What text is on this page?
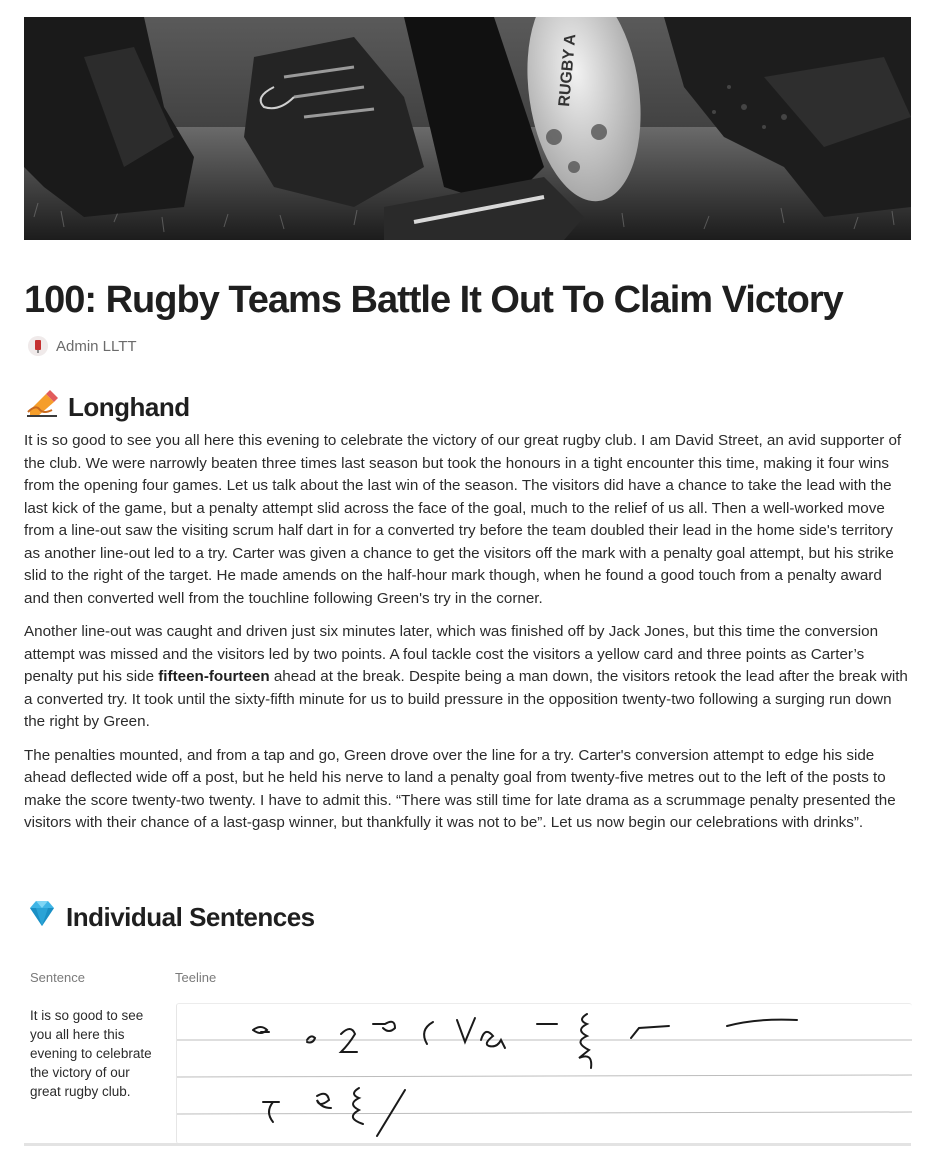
RUGBY A
100: Rugby Teams Battle It Out To Claim Victory
Admin LLTT
Longhand

It is so good to see you all here this evening to celebrate the victory of our great rugby club. I am David Street, an avid supporter of the club. We were narrowly beaten three times last season but took the honours in a tight encounter this time, making it four wins from the opening four games. Let us talk about the last win of the season. The visitors did have a chance to take the lead with the last kick of the game, but a penalty attempt slid across the face of the goal, much to the relief of us all. Then a well-worked move from a line-out saw the visiting scrum half dart in for a converted try before the team doubled their lead in the home side's territory as another line-out led to a try. Carter was given a chance to get the visitors off the mark with a penalty goal attempt, but his strike slid to the right of the target. He made amends on the half-hour mark though, when he found a good touch from a penalty award and then converted well from the touchline following Green's try in the corner.

Another line-out was caught and driven just six minutes later, which was finished off by Jack Jones, but this time the conversion attempt was missed and the visitors led by two points. A foul tackle cost the visitors a yellow card and three points as Carter’s penalty put his side fifteen-fourteen ahead at the break. Despite being a man down, the visitors retook the lead after the break with a converted try. It took until the sixty-fifth minute for us to build pressure in the opposition twenty-two following a surging run down the right by Green.

The penalties mounted, and from a tap and go, Green drove over the line for a try. Carter's conversion attempt to edge his side ahead deflected wide off a post, but he held his nerve to land a penalty goal from twenty-five metres out to the left of the posts to make the score twenty-two twenty. I have to admit this. “There was still time for late drama as a scrummage penalty presented the visitors with their chance of a last-gasp winner, but thankfully it was not to be”. Let us now begin our celebrations with drinks”.

Individual Sentences
Sentence	Teeline
It is so good to see you all here this evening to celebrate the victory of our great rugby club.
